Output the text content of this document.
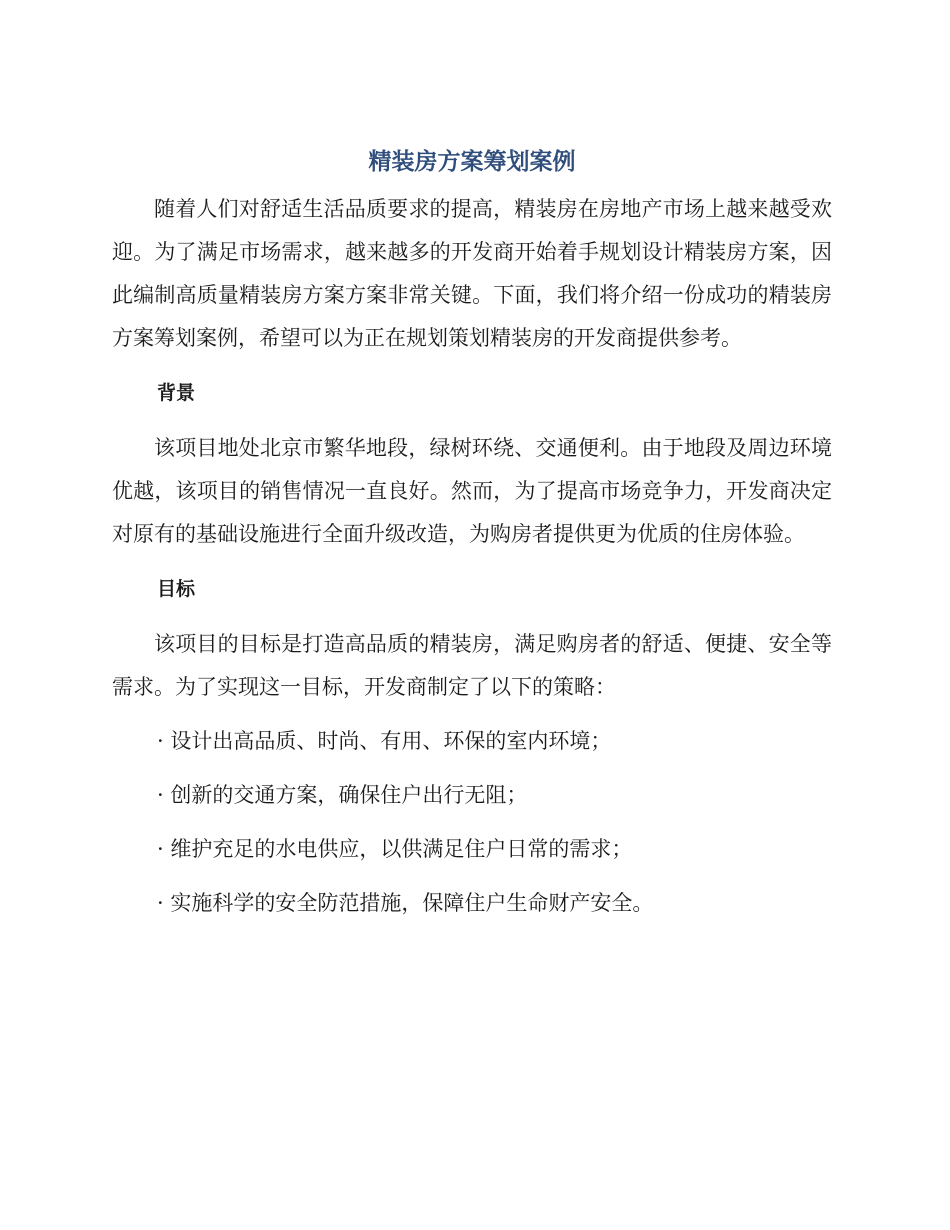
精装房方案筹划案例

随着人们对舒适生活品质要求的提高，精装房在房地产市场上越来越受欢迎。为了满足市场需求，越来越多的开发商开始着手规划设计精装房方案，因此编制高质量精装房方案方案非常关键。下面，我们将介绍一份成功的精装房方案筹划案例，希望可以为正在规划策划精装房的开发商提供参考。

背景

该项目地处北京市繁华地段，绿树环绕、交通便利。由于地段及周边环境优越，该项目的销售情况一直良好。然而，为了提高市场竞争力，开发商决定对原有的基础设施进行全面升级改造，为购房者提供更为优质的住房体验。

目标

该项目的目标是打造高品质的精装房，满足购房者的舒适、便捷、安全等需求。为了实现这一目标，开发商制定了以下的策略：

· 设计出高品质、时尚、有用、环保的室内环境；

· 创新的交通方案，确保住户出行无阻；

· 维护充足的水电供应，以供满足住户日常的需求；

· 实施科学的安全防范措施，保障住户生命财产安全。
